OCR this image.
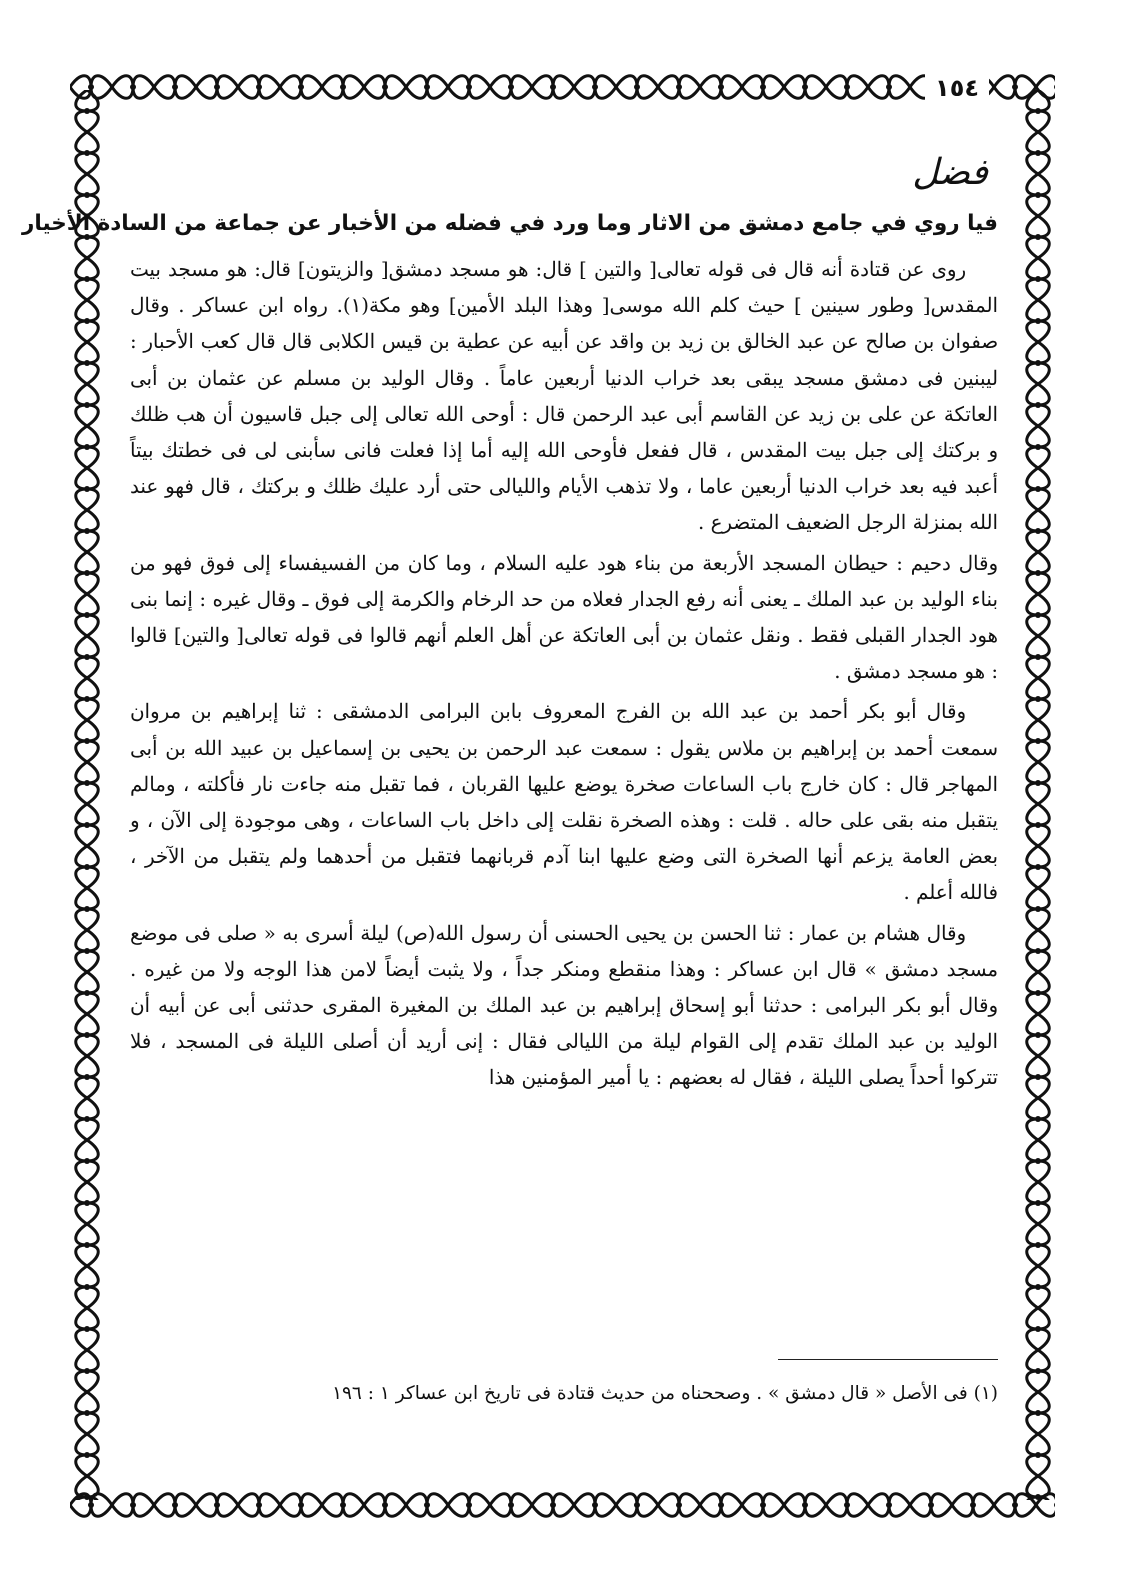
١٥٤
فضل
فيا روي في جامع دمشق من الاثار وما ورد في فضله من الأخبار عن جماعة من السادة الأخيار

روى عن قتادة أنه قال فى قوله تعالى[ والتين ] قال: هو مسجد دمشق[ والزيتون] قال: هو مسجد بيت المقدس[ وطور سينين ] حيث كلم الله موسى[ وهذا البلد الأمين] وهو مكة(١). رواه ابن عساكر . وقال صفوان بن صالح عن عبد الخالق بن زيد بن واقد عن أبيه عن عطية بن قيس الكلابى قال قال كعب الأحبار : ليبنين فى دمشق مسجد يبقى بعد خراب الدنيا أربعين عاماً . وقال الوليد بن مسلم عن عثمان بن أبى العاتكة عن على بن زيد عن القاسم أبى عبد الرحمن قال : أوحى الله تعالى إلى جبل قاسيون أن هب ظلك و بركتك إلى جبل بيت المقدس ، قال ففعل فأوحى الله إليه أما إذا فعلت فانى سأبنى لى فى خطتك بيتاً أعبد فيه بعد خراب الدنيا أربعين عاما ، ولا تذهب الأيام والليالى حتى أرد عليك ظلك و بركتك ، قال فهو عند الله بمنزلة الرجل الضعيف المتضرع .

وقال دحيم : حيطان المسجد الأربعة من بناء هود عليه السلام ، وما كان من الفسيفساء إلى فوق فهو من بناء الوليد بن عبد الملك ـ يعنى أنه رفع الجدار فعلاه من حد الرخام والكرمة إلى فوق ـ وقال غيره : إنما بنى هود الجدار القبلى فقط . ونقل عثمان بن أبى العاتكة عن أهل العلم أنهم قالوا فى قوله تعالى[ والتين] قالوا : هو مسجد دمشق .

وقال أبو بكر أحمد بن عبد الله بن الفرج المعروف بابن البرامى الدمشقى : ثنا إبراهيم بن مروان سمعت أحمد بن إبراهيم بن ملاس يقول : سمعت عبد الرحمن بن يحيى بن إسماعيل بن عبيد الله بن أبى المهاجر قال : كان خارج باب الساعات صخرة يوضع عليها القربان ، فما تقبل منه جاءت نار فأكلته ، ومالم يتقبل منه بقى على حاله . قلت : وهذه الصخرة نقلت إلى داخل باب الساعات ، وهى موجودة إلى الآن ، و بعض العامة يزعم أنها الصخرة التى وضع عليها ابنا آدم قربانهما فتقبل من أحدهما ولم يتقبل من الآخر ، فالله أعلم .

وقال هشام بن عمار : ثنا الحسن بن يحيى الحسنى أن رسول الله(ص) ليلة أسرى به « صلى فى موضع مسجد دمشق » قال ابن عساكر : وهذا منقطع ومنكر جداً ، ولا يثبت أيضاً لامن هذا الوجه ولا من غيره . وقال أبو بكر البرامى : حدثنا أبو إسحاق إبراهيم بن عبد الملك بن المغيرة المقرى حدثنى أبى عن أبيه أن الوليد بن عبد الملك تقدم إلى القوام ليلة من الليالى فقال : إنى أريد أن أصلى الليلة فى المسجد ، فلا تتركوا أحداً يصلى الليلة ، فقال له بعضهم : يا أمير المؤمنين هذا

(١) فى الأصل « قال دمشق » . وصححناه من حديث قتادة فى تاريخ ابن عساكر ١ : ١٩٦
